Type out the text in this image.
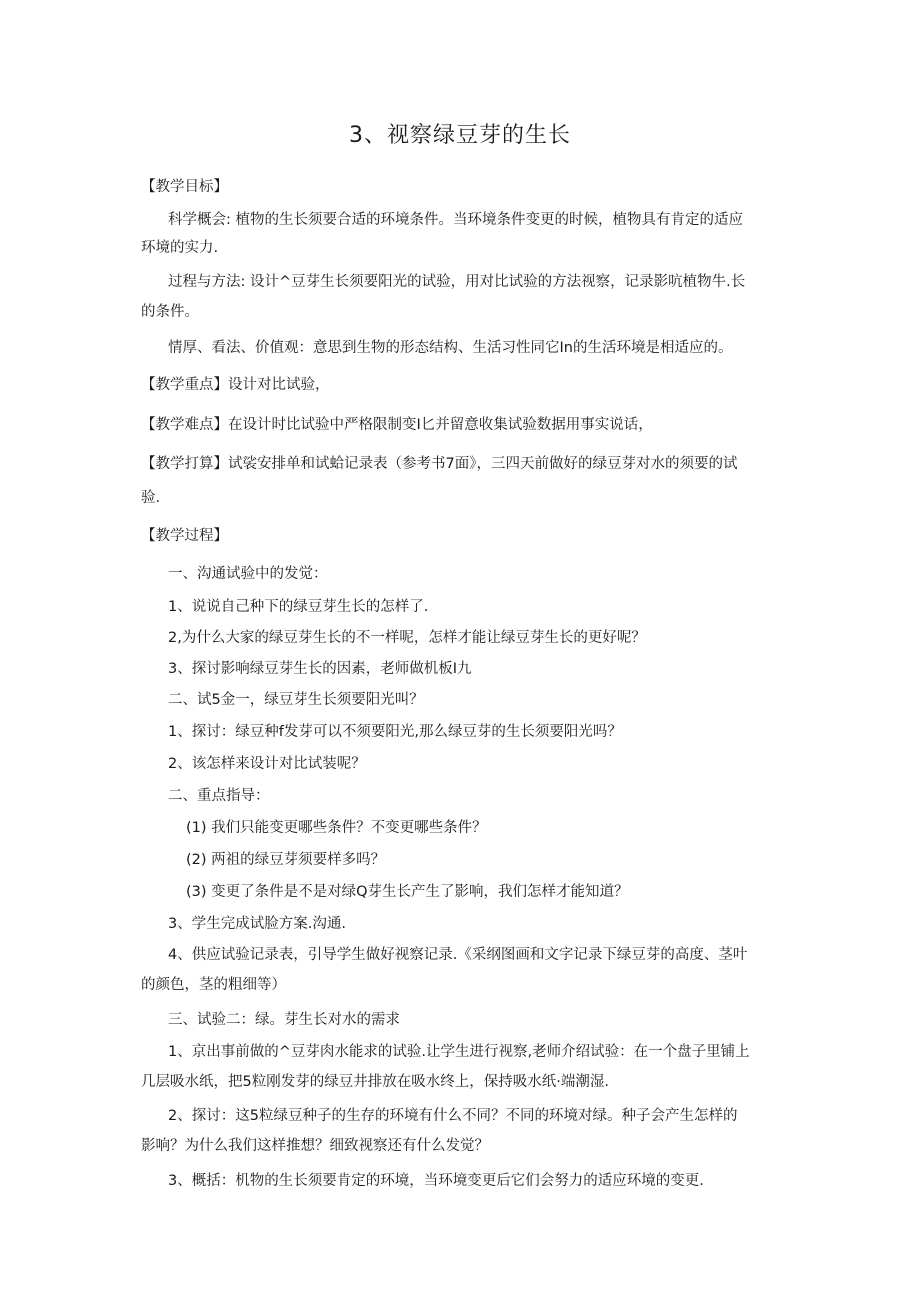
3、视察绿豆芽的生长
【教学目标】
科学概会: 植物的生长须要合适的环境条件。当环境条件变更的时候，植物具有肯定的适应
环境的实力.
过程与方法: 设计^豆芽生长须要阳光的试验，用对比试验的方法视察，记录影吭植物牛.长
的条件。
情厚、看法、价值观：意思到生物的形态结构、生活习性同它In的生活环境是相适应的。
【教学重点】设计对比试验，
【教学难点】在设计时比试验中严格限制变I匕并留意收集试验数据用事实说话，
【教学打算】试裟安排单和试蛤记录表（参考书7面》，三四天前做好的绿豆芽对水的须要的试
验.
【教学过程】
一、沟通试验中的发觉：
1、说说自己种下的绿豆芽生长的怎样了.
2,为什么大家的绿豆芽生长的不一样呢，怎样才能让绿豆芽生长的更好呢？
3、探讨影响绿豆芽生长的因素，老师做机板I九
二、试5金一，绿豆芽生长须要阳光叫？
1、探讨：绿豆种f发芽可以不须要阳光,那么绿豆芽的生长须要阳光吗？
2、该怎样来设计对比试装呢？
二、重点指导：
(1) 我们只能变更哪些条件？不变更哪些条件？
(2) 两祖的绿豆芽须要样多吗？
(3) 变更了条件是不是对绿Q芽生长产生了影响，我们怎样才能知道？
3、学生完成试脸方案.沟通.
4、供应试验记录表，引导学生做好视察记录.《采纲图画和文字记录下绿豆芽的高度、茎叶
的颜色，茎的粗细等）
三、试验二：绿。芽生长对水的需求
1、京出事前做的^豆芽肉水能求的试验.让学生进行视察,老师介绍试验：在一个盘子里铺上
几层吸水纸，把5粒刚发芽的绿豆井排放在吸水终上，保持吸水纸·端潮湿.
2、探讨：这5粒绿豆种子的生存的环境有什么不同？不同的环境对绿。种子会产生怎样的
影响？为什么我们这样推想？细致视察还有什么发觉？
3、概括：机物的生长须要肯定的环境，当环境变更后它们会努力的适应环境的变更.
